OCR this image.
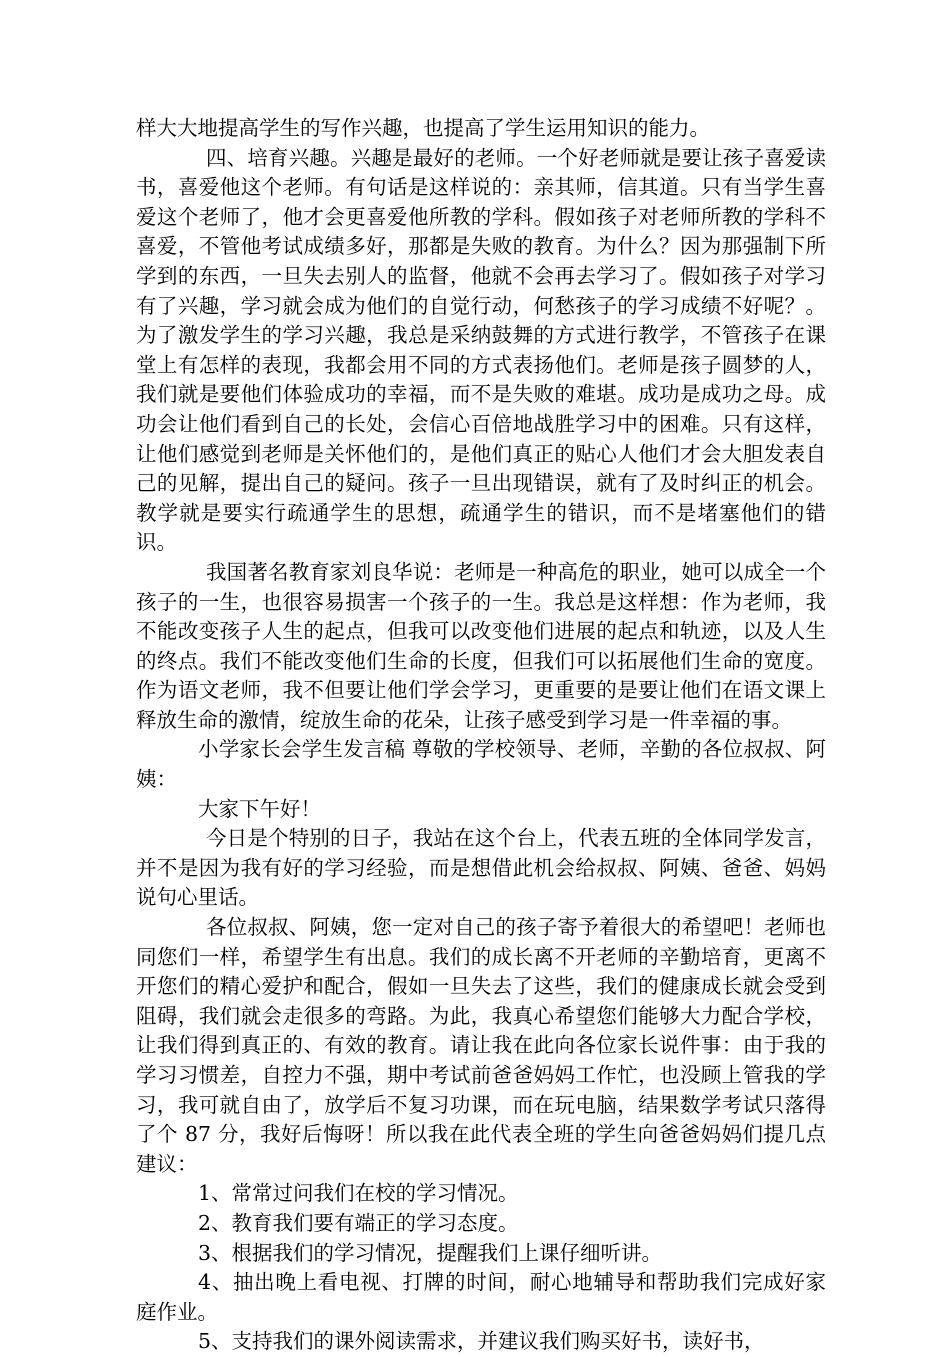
样大大地提高学生的写作兴趣，也提高了学生运用知识的能力。

四、培育兴趣。兴趣是最好的老师。一个好老师就是要让孩子喜爱读书，喜爱他这个老师。有句话是这样说的：亲其师，信其道。只有当学生喜爱这个老师了，他才会更喜爱他所教的学科。假如孩子对老师所教的学科不喜爱，不管他考试成绩多好，那都是失败的教育。为什么？因为那强制下所学到的东西，一旦失去别人的监督，他就不会再去学习了。假如孩子对学习有了兴趣，学习就会成为他们的自觉行动，何愁孩子的学习成绩不好呢？。为了激发学生的学习兴趣，我总是采纳鼓舞的方式进行教学，不管孩子在课堂上有怎样的表现，我都会用不同的方式表扬他们。老师是孩子圆梦的人，我们就是要他们体验成功的幸福，而不是失败的难堪。成功是成功之母。成功会让他们看到自己的长处，会信心百倍地战胜学习中的困难。只有这样，让他们感觉到老师是关怀他们的，是他们真正的贴心人他们才会大胆发表自己的见解，提出自己的疑问。孩子一旦出现错误，就有了及时纠正的机会。教学就是要实行疏通学生的思想，疏通学生的错识，而不是堵塞他们的错识。

我国著名教育家刘良华说：老师是一种高危的职业，她可以成全一个孩子的一生，也很容易损害一个孩子的一生。我总是这样想：作为老师，我不能改变孩子人生的起点，但我可以改变他们进展的起点和轨迹，以及人生的终点。我们不能改变他们生命的长度，但我们可以拓展他们生命的宽度。作为语文老师，我不但要让他们学会学习，更重要的是要让他们在语文课上释放生命的激情，绽放生命的花朵，让孩子感受到学习是一件幸福的事。

小学家长会学生发言稿 尊敬的学校领导、老师，辛勤的各位叔叔、阿姨：

大家下午好！

今日是个特别的日子，我站在这个台上，代表五班的全体同学发言，并不是因为我有好的学习经验，而是想借此机会给叔叔、阿姨、爸爸、妈妈说句心里话。

各位叔叔、阿姨，您一定对自己的孩子寄予着很大的希望吧！老师也同您们一样，希望学生有出息。我们的成长离不开老师的辛勤培育，更离不开您们的精心爱护和配合，假如一旦失去了这些，我们的健康成长就会受到阻碍，我们就会走很多的弯路。为此，我真心希望您们能够大力配合学校，让我们得到真正的、有效的教育。请让我在此向各位家长说件事：由于我的学习习惯差，自控力不强，期中考试前爸爸妈妈工作忙，也没顾上管我的学习，我可就自由了，放学后不复习功课，而在玩电脑，结果数学考试只落得了个 87 分，我好后悔呀！所以我在此代表全班的学生向爸爸妈妈们提几点建议：

1、常常过问我们在校的学习情况。

2、教育我们要有端正的学习态度。

3、根据我们的学习情况，提醒我们上课仔细听讲。

4、抽出晚上看电视、打牌的时间，耐心地辅导和帮助我们完成好家庭作业。

5、支持我们的课外阅读需求，并建议我们购买好书，读好书，
